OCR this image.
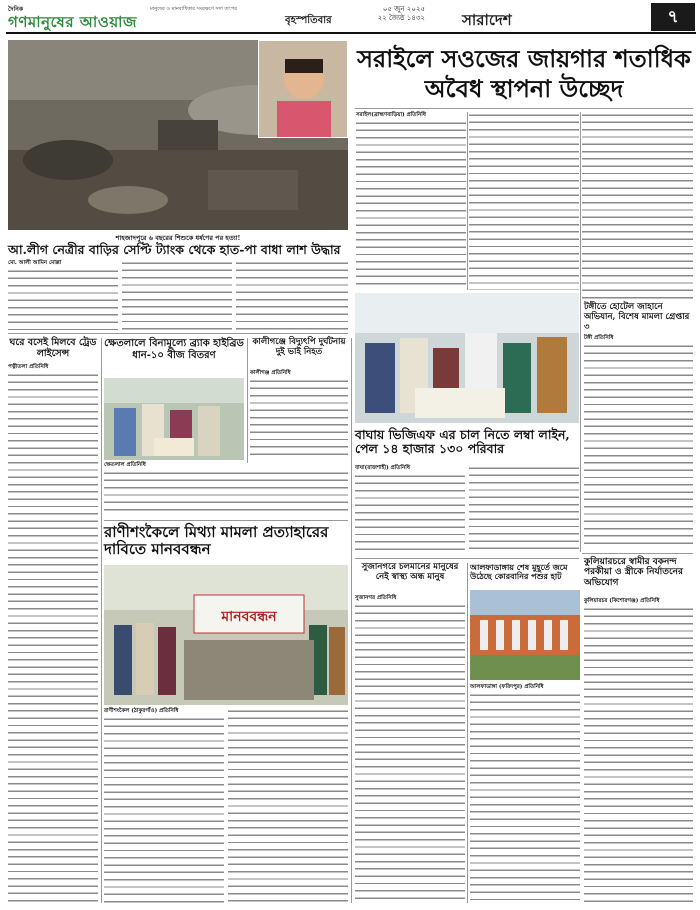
দৈনিক
গণমানুষের আওয়াজ
মানুষের ও মানবাধিকার সংরক্ষণে সদা তৎপর
বৃহস্পতিবার
০৫ জুন ২০২৫
২২ জ্যৈষ্ঠ ১৪৩২ সারাদেশ	৭
শাহজাদপুরে ৬ বছরের শিশুকে ধর্ষণের পর হত্যা!
সরাইলে সওজের জায়গার শতাধিক অবৈধ স্থাপনা উচ্ছেদ
সরাইল(ব্রাহ্মণবাড়িয়া) প্রতিনিধি
আ.লীগ নেত্রীর বাড়ির সেপ্টি ট্যাংক থেকে হাত-পা বাধা লাশ উদ্ধার
মো. আলী আমিন মোল্লা
ঘরে বসেই মিলবে ট্রেড লাইসেন্স
পত্নীতলা প্রতিনিধি
ক্ষেতলালে বিনামূল্যে ব্র্যাক হাইব্রিড ধান-১০ বীজ বিতরণ
ক্ষেতলাল প্রতিনিধি
কালীগঞ্জে বিদ্যুৎপি দুর্ঘটনায় দুই ভাই নিহত
কালীগঞ্জ প্রতিনিধি
বাঘায় ভিজিএফ এর চাল নিতে লম্বা লাইন, পেল ১৪ হাজার ১৩০ পরিবার
বাঘা(রাজশাহী) প্রতিনিধি
টঙ্গীতে হোটেল জাহানে অভিযান, বিশেষ মামলা গ্রেপ্তার ৩
টঙ্গী প্রতিনিধি
কুলিয়ারচরে স্বামীর বকনন্দ পরকীয়া ও স্ত্রীকে নির্যাতনের অভিযোগ
কুলিয়ারচর (কিশোরগঞ্জ) প্রতিনিধি
সুজানগরে চলমানের মানুষের নেই স্বাস্থ্য অন্ধ মানুষ
সুজানগর প্রতিনিধি
আলফাডাঙ্গায় শেষ মুহূর্তে জমে উঠেছে কোরবানির পশুর হাট
আলফাডাঙ্গা (ফরিদপুর) প্রতিনিধি
রাণীশংকৈলে মিথ্যা মামলা প্রত্যাহারের দাবিতে মানববন্ধন
মানববন্ধন
রাণীশংকৈল (ঠাকুরগাঁও) প্রতিনিধি
